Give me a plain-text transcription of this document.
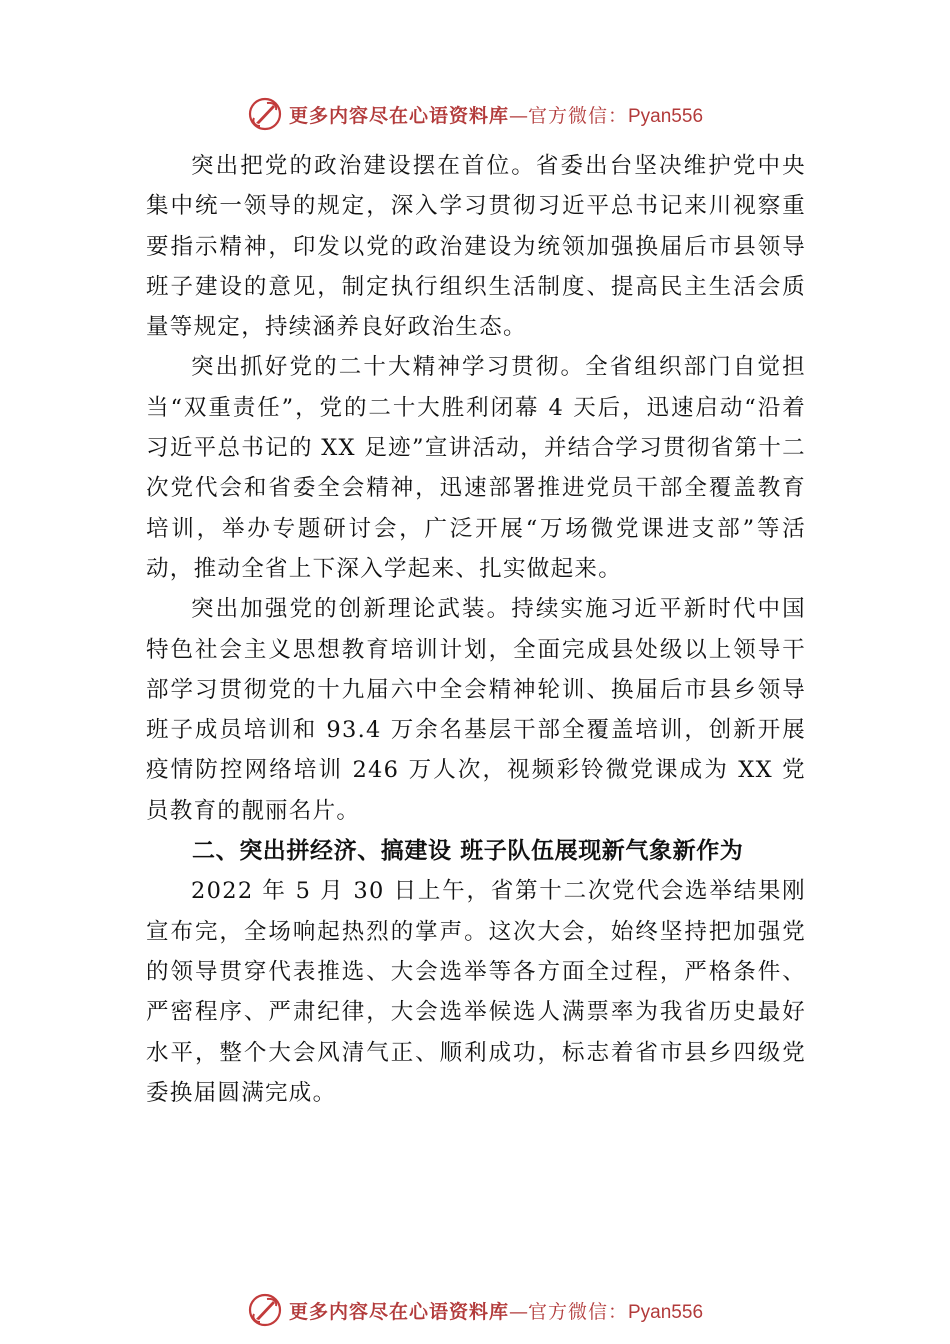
更多内容尽在心语资料库—官方微信：Pyan556

突出把党的政治建设摆在首位。省委出台坚决维护党中央集中统一领导的规定，深入学习贯彻习近平总书记来川视察重要指示精神，印发以党的政治建设为统领加强换届后市县领导班子建设的意见，制定执行组织生活制度、提高民主生活会质量等规定，持续涵养良好政治生态。

突出抓好党的二十大精神学习贯彻。全省组织部门自觉担当“双重责任”，党的二十大胜利闭幕 4 天后，迅速启动“沿着习近平总书记的 XX 足迹”宣讲活动，并结合学习贯彻省第十二次党代会和省委全会精神，迅速部署推进党员干部全覆盖教育培训，举办专题研讨会，广泛开展“万场微党课进支部”等活动，推动全省上下深入学起来、扎实做起来。

突出加强党的创新理论武装。持续实施习近平新时代中国特色社会主义思想教育培训计划，全面完成县处级以上领导干部学习贯彻党的十九届六中全会精神轮训、换届后市县乡领导班子成员培训和 93.4 万余名基层干部全覆盖培训，创新开展疫情防控网络培训 246 万人次，视频彩铃微党课成为 XX 党员教育的靓丽名片。

二、突出拼经济、搞建设 班子队伍展现新气象新作为

2022 年 5 月 30 日上午，省第十二次党代会选举结果刚宣布完，全场响起热烈的掌声。这次大会，始终坚持把加强党的领导贯穿代表推选、大会选举等各方面全过程，严格条件、严密程序、严肃纪律，大会选举候选人满票率为我省历史最好水平，整个大会风清气正、顺利成功，标志着省市县乡四级党委换届圆满完成。

更多内容尽在心语资料库—官方微信：Pyan556
